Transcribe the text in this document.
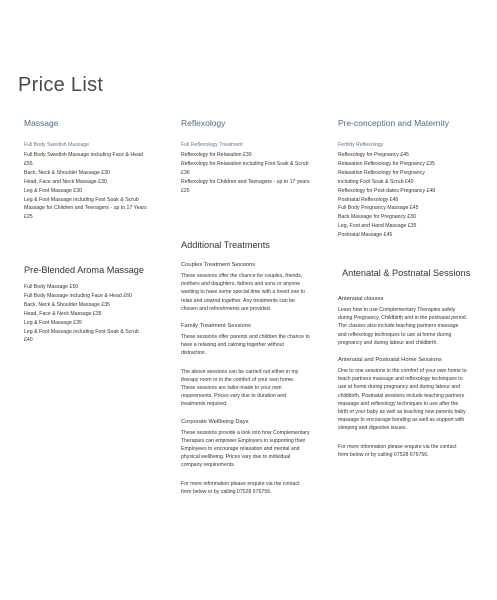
Price List
Massage
Full Body Swedish Massage
Full Body Swedish Massage including Face & Head
£55
Back, Neck & Shoulder Massage £30
Head, Face and Neck Massage £30
Leg & Foot Massage £30
Leg & Foot Massage including Foot Soak & Scrub
Massage for Children and Teenagers - up to 17 Years
£25
Pre-Blended Aroma Massage
Full Body Massage £50
Full Body Massage including Face & Head £60
Back, Neck & Shoulder Massage £35
Head, Face & Neck Massage £35
Leg & Foot Massage £35
Leg & Foot Massage including Foot Soak & Scrub
£40
Reflexology
Full Reflexology Treatment
Reflexology for Relaxation £30
Reflexology for Relaxation including Foot Soak & Scrub
£36
Reflexology for Children and Teenagers - up to 17 years
£25
Additional Treatments
Couples Treatment Sessions
These sessions offer the chance for couples, friends,
mothers and daughters, fathers and sons or anyone
wanting to have some special time with a loved one to
relax and unwind together. Any treatments can be
chosen and refreshments are provided.
Family Treatment Sessions
These sessions offer parents and children the chance to
have a relaxing and calming together without
distraction.
The above sessions can be carried out either in my
therapy room or in the comfort of your own home.
These sessions are tailor-made to your own
requirements. Prices vary due to duration and
treatments required.
Corporate Wellbeing Days
These sessions provide a look into how Complementary
Therapies can empower Employers in supporting their
Employees to encourage relaxation and mental and
physical wellbeing. Prices vary due to individual
company requirements.
For more information please enquire via the contact
form below or by calling 07528 676756.
Pre-conception and Maternity
Fertility Reflexology
Reflexology for Pregnancy £45
Relaxation Reflexology for Pregnancy £35
Relaxation Reflexology for Pregnancy
including Foot Soak & Scrub £40
Reflexology for Post-dates Pregnancy £48
Postnatal Reflexology £45
Full Body Pregnancy Massage £45
Back Massage for Pregnancy £30
Leg, Foot and Hand Massage £35
Postnatal Massage £45
Antenatal & Postnatal Sessions
Antenatal classes
Learn how to use Complementary Therapies safely
during Pregnancy, Childbirth and in the postnatal period.
The classes also include teaching partners massage
and reflexology techniques to use at home during
pregnancy and during labour and childbirth.
Antenatal and Postnatal Home Sessions
One to one sessions in the comfort of your own home to
teach partners massage and reflexology techniques to
use at home during pregnancy and during labour and
childbirth. Postnatal sessions include teaching partners
massage and reflexology techniques to use after the
birth of your baby as well as teaching new parents baby
massage to encourage bonding as well as support with
sleeping and digestive issues.
For more information please enquire via the contact
form below or by calling 07528 676756.
